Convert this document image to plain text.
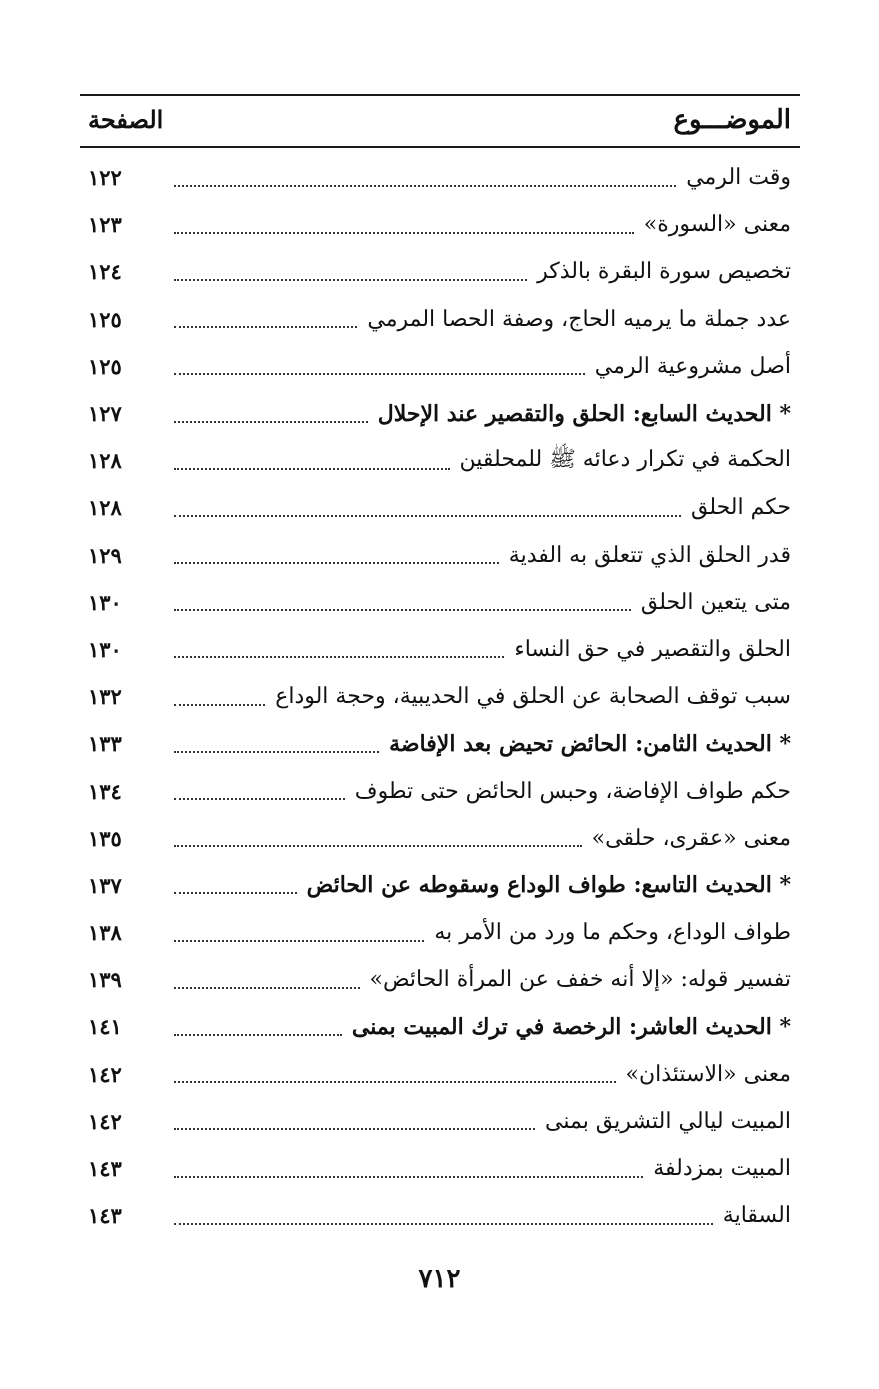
الموضـــوع
الصفحة
وقت الرمي
١٢٢
معنى «السورة»
١٢٣
تخصيص سورة البقرة بالذكر
١٢٤
عدد جملة ما يرميه الحاج، وصفة الحصا المرمي
١٢٥
أصل مشروعية الرمي
١٢٥
* الحديث السابع: الحلق والتقصير عند الإحلال
١٢٧
الحكمة في تكرار دعائه ﷺ للمحلقين
١٢٨
حكم الحلق
١٢٨
قدر الحلق الذي تتعلق به الفدية
١٢٩
متى يتعين الحلق
١٣٠
الحلق والتقصير في حق النساء
١٣٠
سبب توقف الصحابة عن الحلق في الحديبية، وحجة الوداع
١٣٢
* الحديث الثامن: الحائض تحيض بعد الإفاضة
١٣٣
حكم طواف الإفاضة، وحبس الحائض حتى تطوف
١٣٤
معنى «عقرى، حلقى»
١٣٥
* الحديث التاسع: طواف الوداع وسقوطه عن الحائض
١٣٧
طواف الوداع، وحكم ما ورد من الأمر به
١٣٨
تفسير قوله: «إلا أنه خفف عن المرأة الحائض»
١٣٩
* الحديث العاشر: الرخصة في ترك المبيت بمنى
١٤١
معنى «الاستئذان»
١٤٢
المبيت ليالي التشريق بمنى
١٤٢
المبيت بمزدلفة
١٤٣
السقاية
١٤٣
٧١٢
